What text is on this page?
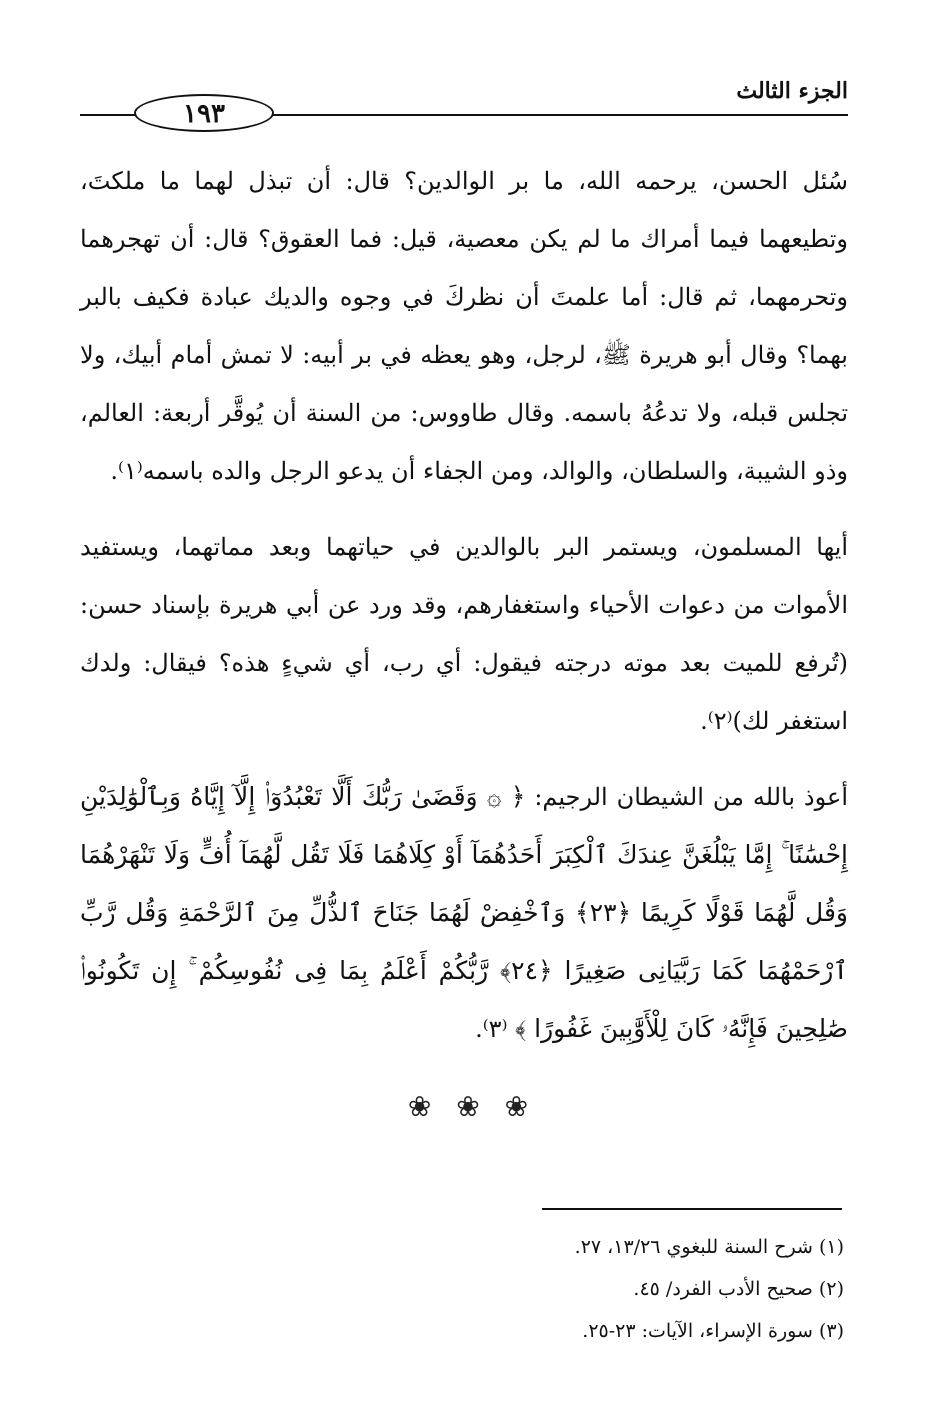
١٩٣
الجزء الثالث

سُئل الحسن، يرحمه الله، ما بر الوالدين؟ قال: أن تبذل لهما ما ملكتَ، وتطيعهما فيما أمراك ما لم يكن معصية، قيل: فما العقوق؟ قال: أن تهجرهما وتحرمهما، ثم قال: أما علمتَ أن نظركَ في وجوه والديك عبادة فكيف بالبر بهما؟ وقال أبو هريرة ﷺ، لرجل، وهو يعظه في بر أبيه: لا تمش أمام أبيك، ولا تجلس قبله، ولا تدعُهُ باسمه. وقال طاووس: من السنة أن يُوقَّر أربعة: العالم، وذو الشيبة، والسلطان، والوالد، ومن الجفاء أن يدعو الرجل والده باسمه⁽١⁾.

أيها المسلمون، ويستمر البر بالوالدين في حياتهما وبعد مماتهما، ويستفيد الأموات من دعوات الأحياء واستغفارهم، وقد ورد عن أبي هريرة بإسناد حسن: (تُرفع للميت بعد موته درجته فيقول: أي رب، أي شيءٍ هذه؟ فيقال: ولدك استغفر لك)⁽٢⁾.

أعوذ بالله من الشيطان الرجيم: ﴿ ۞ وَقَضَىٰ رَبُّكَ أَلَّا تَعْبُدُوٓا۟ إِلَّآ إِيَّاهُ وَبِٱلْوَٰلِدَيْنِ إِحْسَٰنًا ۚ إِمَّا يَبْلُغَنَّ عِندَكَ ٱلْكِبَرَ أَحَدُهُمَآ أَوْ كِلَاهُمَا فَلَا تَقُل لَّهُمَآ أُفٍّ وَلَا تَنْهَرْهُمَا وَقُل لَّهُمَا قَوْلًا كَرِيمًا ﴿٢٣﴾ وَٱخْفِضْ لَهُمَا جَنَاحَ ٱلذُّلِّ مِنَ ٱلرَّحْمَةِ وَقُل رَّبِّ ٱرْحَمْهُمَا كَمَا رَبَّيَانِى صَغِيرًا ﴿٢٤﴾ رَّبُّكُمْ أَعْلَمُ بِمَا فِى نُفُوسِكُمْ ۚ إِن تَكُونُوا۟ صَٰلِحِينَ فَإِنَّهُۥ كَانَ لِلْأَوَّٰبِينَ غَفُورًا ﴾ ⁽٣⁾.

❀ ❀ ❀
(١) شرح السنة للبغوي ١٣/٢٦، ٢٧.
(٢) صحيح الأدب الفرد/ ٤٥.
(٣) سورة الإسراء، الآيات: ٢٣-٢٥.
